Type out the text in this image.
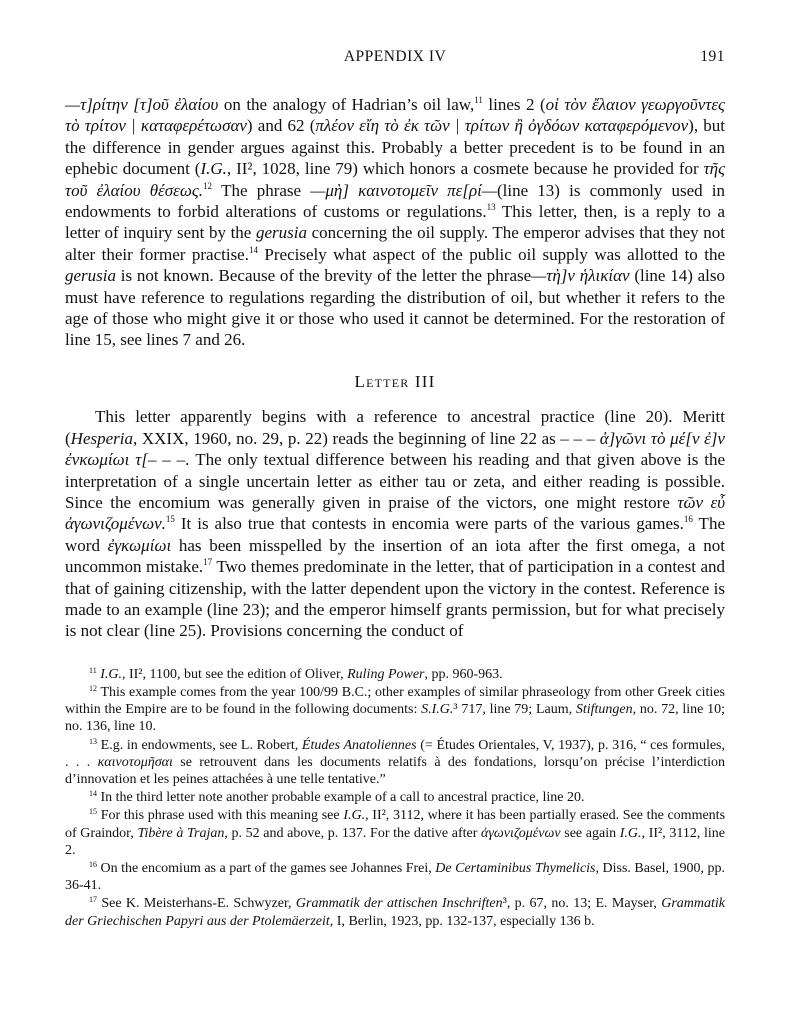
APPENDIX IV	191

—τ]ρίτην [τ]οῦ ἐλαίου on the analogy of Hadrian’s oil law,$^{11}$ lines 2 (οἱ τὸν ἔλαιον γεωργοῦντες τὸ τρίτον | καταφερέτωσαν) and 62 (πλέον εἴη τὸ ἐκ τῶν | τρίτων ἢ ὀγδόων καταφερόμενον), but the difference in gender argues against this. Probably a better precedent is to be found in an ephebic document (I.G., II², 1028, line 79) which honors a cosmete because he provided for τῆς τοῦ ἐλαίου θέσεως.$^{12}$ The phrase —μὴ] καινοτομεῖν πε[ρί—(line 13) is commonly used in endowments to forbid alterations of customs or regulations.$^{13}$ This letter, then, is a reply to a letter of inquiry sent by the gerusia concerning the oil supply. The emperor advises that they not alter their former practise.$^{14}$ Precisely what aspect of the public oil supply was allotted to the gerusia is not known. Because of the brevity of the letter the phrase—τὴ]ν ἡλικίαν (line 14) also must have reference to regulations regarding the distribution of oil, but whether it refers to the age of those who might give it or those who used it cannot be determined. For the restoration of line 15, see lines 7 and 26.

Letter III

This letter apparently begins with a reference to ancestral practice (line 20). Meritt (Hesperia, XXIX, 1960, no. 29, p. 22) reads the beginning of line 22 as – – – ἀ]γῶνι τὸ μέ[ν ἐ]ν ἐνκωμίωι τ[– – –. The only textual difference between his reading and that given above is the interpretation of a single uncertain letter as either tau or zeta, and either reading is possible. Since the encomium was generally given in praise of the victors, one might restore τῶν εὖ ἀγωνιζομένων.$^{15}$ It is also true that contests in encomia were parts of the various games.$^{16}$ The word ἐγκωμίωι has been misspelled by the insertion of an iota after the first omega, a not uncommon mistake.$^{17}$ Two themes predominate in the letter, that of participation in a contest and that of gaining citizenship, with the latter dependent upon the victory in the contest. Reference is made to an example (line 23); and the emperor himself grants permission, but for what precisely is not clear (line 25). Provisions concerning the conduct of

$^{11}$ I.G., II², 1100, but see the edition of Oliver, Ruling Power, pp. 960-963.

$^{12}$ This example comes from the year 100/99 B.C.; other examples of similar phraseology from other Greek cities within the Empire are to be found in the following documents: S.I.G.³ 717, line 79; Laum, Stiftungen, no. 72, line 10; no. 136, line 10.

$^{13}$ E.g. in endowments, see L. Robert, Études Anatoliennes (= Études Orientales, V, 1937), p. 316, “ ces formules, . . . καινοτομῆσαι se retrouvent dans les documents relatifs à des fondations, lorsqu’on précise l’interdiction d’innovation et les peines attachées à une telle tentative.”

$^{14}$ In the third letter note another probable example of a call to ancestral practice, line 20.

$^{15}$ For this phrase used with this meaning see I.G., II², 3112, where it has been partially erased. See the comments of Graindor, Tibère à Trajan, p. 52 and above, p. 137. For the dative after ἀγωνιζομένων see again I.G., II², 3112, line 2.

$^{16}$ On the encomium as a part of the games see Johannes Frei, De Certaminibus Thymelicis, Diss. Basel, 1900, pp. 36-41.

$^{17}$ See K. Meisterhans-E. Schwyzer, Grammatik der attischen Inschriften³, p. 67, no. 13; E. Mayser, Grammatik der Griechischen Papyri aus der Ptolemäerzeit, I, Berlin, 1923, pp. 132-137, especially 136 b.
